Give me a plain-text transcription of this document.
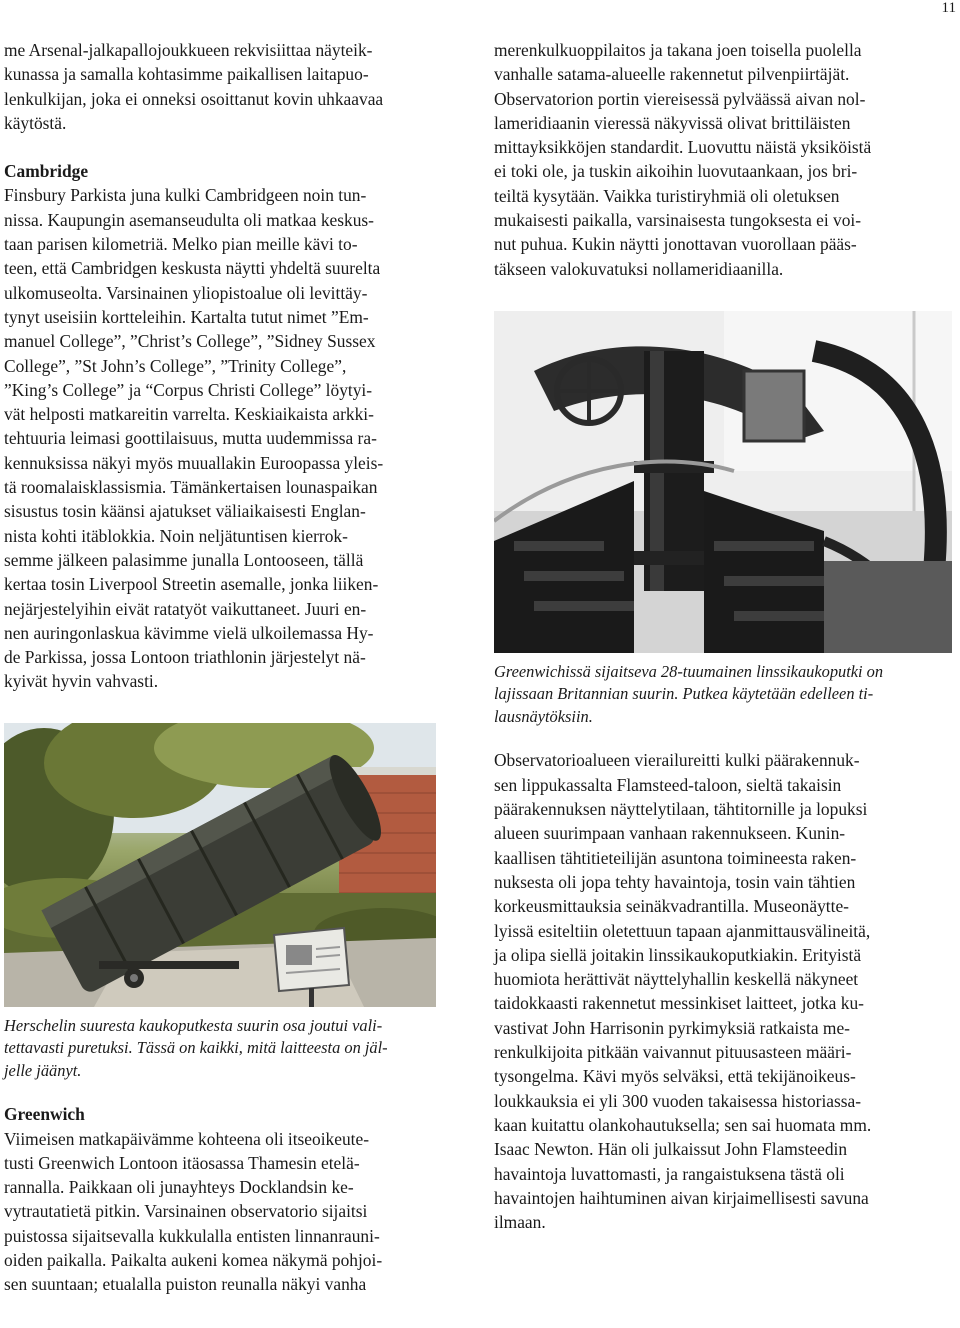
11

me Arsenal-jalkapallojoukkueen rekvisiittaa näyteik-

kunassa ja samalla kohtasimme paikallisen laitapuo-

lenkulkijan, joka ei onneksi osoittanut kovin uhkaavaa

käytöstä.

Cambridge

Finsbury Parkista juna kulki Cambridgeen noin tun-

nissa. Kaupungin asemanseudulta oli matkaa keskus-

taan parisen kilometriä. Melko pian meille kävi to-

teen, että Cambridgen keskusta näytti yhdeltä suurelta

ulkomuseolta. Varsinainen yliopistoalue oli levittäy-

tynyt useisiin kortteleihin. Kartalta tutut nimet ”Em-

manuel College”, ”Christ’s College”, ”Sidney Sussex

College”, ”St John’s College”, ”Trinity College”,

”King’s College” ja “Corpus Christi College” löytyi-

vät helposti matkareitin varrelta. Keskiaikaista arkki-

tehtuuria leimasi goottilaisuus, mutta uudemmissa ra-

kennuksissa näkyi myös muuallakin Euroopassa yleis-

tä roomalaisklassismia. Tämänkertaisen lounaspaikan

sisustus tosin käänsi ajatukset väliaikaisesti Englan-

nista kohti itäblokkia. Noin neljätuntisen kierrok-

semme jälkeen palasimme junalla Lontooseen, tällä

kertaa tosin Liverpool Streetin asemalle, jonka liiken-

nejärjestelyihin eivät ratatyöt vaikuttaneet. Juuri en-

nen auringonlaskua kävimme vielä ulkoilemassa Hy-

de Parkissa, jossa Lontoon triathlonin järjestelyt nä-

kyivät hyvin vahvasti.

Herschelin suuresta kaukoputkesta suurin osa joutui vali-

tettavasti puretuksi. Tässä on kaikki, mitä laitteesta on jäl-

jelle jäänyt.

Greenwich

Viimeisen matkapäivämme kohteena oli itseoikeute-

tusti Greenwich Lontoon itäosassa Thamesin etelä-

rannalla. Paikkaan oli junayhteys Docklandsin ke-

vytrautatietä pitkin. Varsinainen observatorio sijaitsi

puistossa sijaitsevalla kukkulalla entisten linnanrauni-

oiden paikalla. Paikalta aukeni komea näkymä pohjoi-

sen suuntaan; etualalla puiston reunalla näkyi vanha

merenkulkuoppilaitos ja takana joen toisella puolella

vanhalle satama-alueelle rakennetut pilvenpiirtäjät.

Observatorion portin viereisessä pylväässä aivan nol-

lameridiaanin vieressä näkyvissä olivat brittiläisten

mittayksikköjen standardit. Luovuttu näistä yksiköistä

ei toki ole, ja tuskin aikoihin luovutaankaan, jos bri-

teiltä kysytään. Vaikka turistiryhmiä oli oletuksen

mukaisesti paikalla, varsinaisesta tungoksesta ei voi-

nut puhua. Kukin näytti jonottavan vuorollaan pääs-

täkseen valokuvatuksi nollameridiaanilla.

Greenwichissä sijaitseva 28-tuumainen linssikaukoputki on

lajissaan Britannian suurin. Putkea käytetään edelleen ti-

lausnäytöksiin.

Observatorioalueen vierailureitti kulki päärakennuk-

sen lippukassalta Flamsteed-taloon, sieltä takaisin

päärakennuksen näyttelytilaan, tähtitornille ja lopuksi

alueen suurimpaan vanhaan rakennukseen. Kunin-

kaallisen tähtitieteilijän asuntona toimineesta raken-

nuksesta oli jopa tehty havaintoja, tosin vain tähtien

korkeusmittauksia seinäkvadrantilla. Museonäytte-

lyissä esiteltiin oletettuun tapaan ajanmittausvälineitä,

ja olipa siellä joitakin linssikaukoputkiakin. Erityistä

huomiota herättivät näyttelyhallin keskellä näkyneet

taidokkaasti rakennetut messinkiset laitteet, jotka ku-

vastivat John Harrisonin pyrkimyksiä ratkaista me-

renkulkijoita pitkään vaivannut pituusasteen määri-

tysongelma. Kävi myös selväksi, että tekijänoikeus-

loukkauksia ei yli 300 vuoden takaisessa historiassa-

kaan kuitattu olankohautuksella; sen sai huomata mm.

Isaac Newton. Hän oli julkaissut John Flamsteedin

havaintoja luvattomasti, ja rangaistuksena tästä oli

havaintojen haihtuminen aivan kirjaimellisesti savuna

ilmaan.
